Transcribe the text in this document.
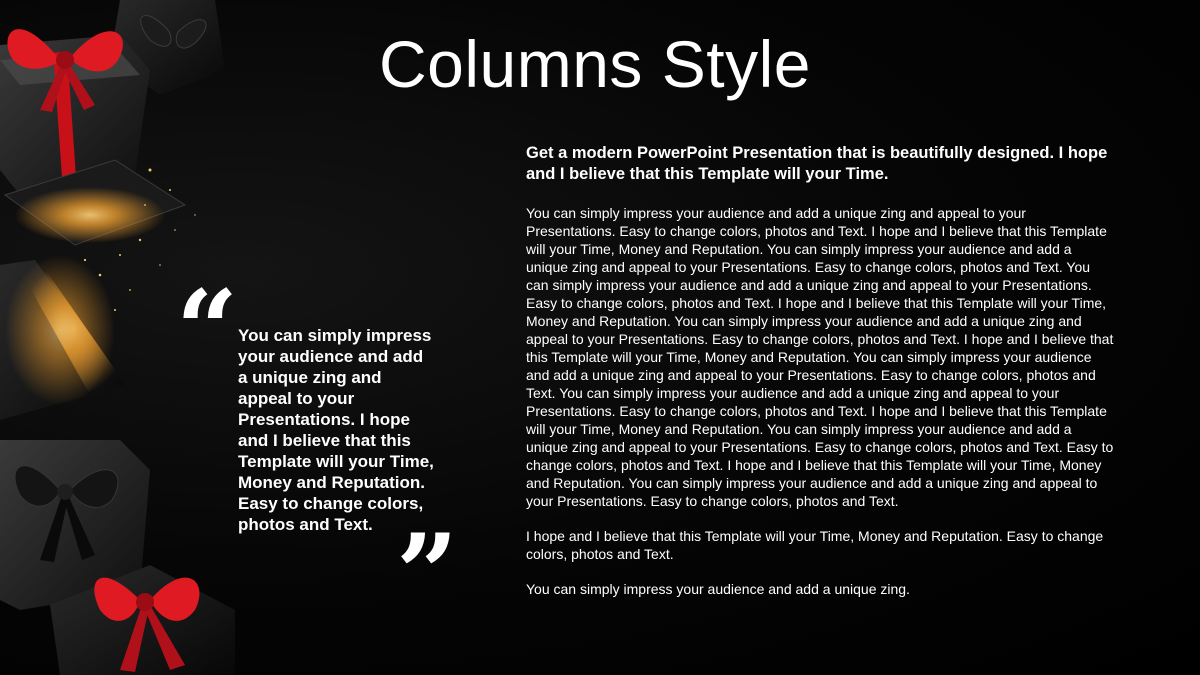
Columns Style
“ You can simply impress your audience and add a unique zing and appeal to your Presentations. I hope and I believe that this Template will your Time, Money and Reputation. Easy to change colors, photos and Text. ”

Get a modern PowerPoint Presentation that is beautifully designed. I hope and I believe that this Template will your Time.

You can simply impress your audience and add a unique zing and appeal to your Presentations. Easy to change colors, photos and Text. I hope and I believe that this Template will your Time, Money and Reputation. You can simply impress your audience and add a unique zing and appeal to your Presentations. Easy to change colors, photos and Text. You can simply impress your audience and add a unique zing and appeal to your Presentations. Easy to change colors, photos and Text. I hope and I believe that this Template will your Time, Money and Reputation. You can simply impress your audience and add a unique zing and appeal to your Presentations. Easy to change colors, photos and Text. I hope and I believe that this Template will your Time, Money and Reputation. You can simply impress your audience and add a unique zing and appeal to your Presentations. Easy to change colors, photos and Text. You can simply impress your audience and add a unique zing and appeal to your Presentations. Easy to change colors, photos and Text. I hope and I believe that this Template will your Time, Money and Reputation. You can simply impress your audience and add a unique zing and appeal to your Presentations. Easy to change colors, photos and Text. Easy to change colors, photos and Text. I hope and I believe that this Template will your Time, Money and Reputation. You can simply impress your audience and add a unique zing and appeal to your Presentations. Easy to change colors, photos and Text.

I hope and I believe that this Template will your Time, Money and Reputation. Easy to change colors, photos and Text.

You can simply impress your audience and add a unique zing.
